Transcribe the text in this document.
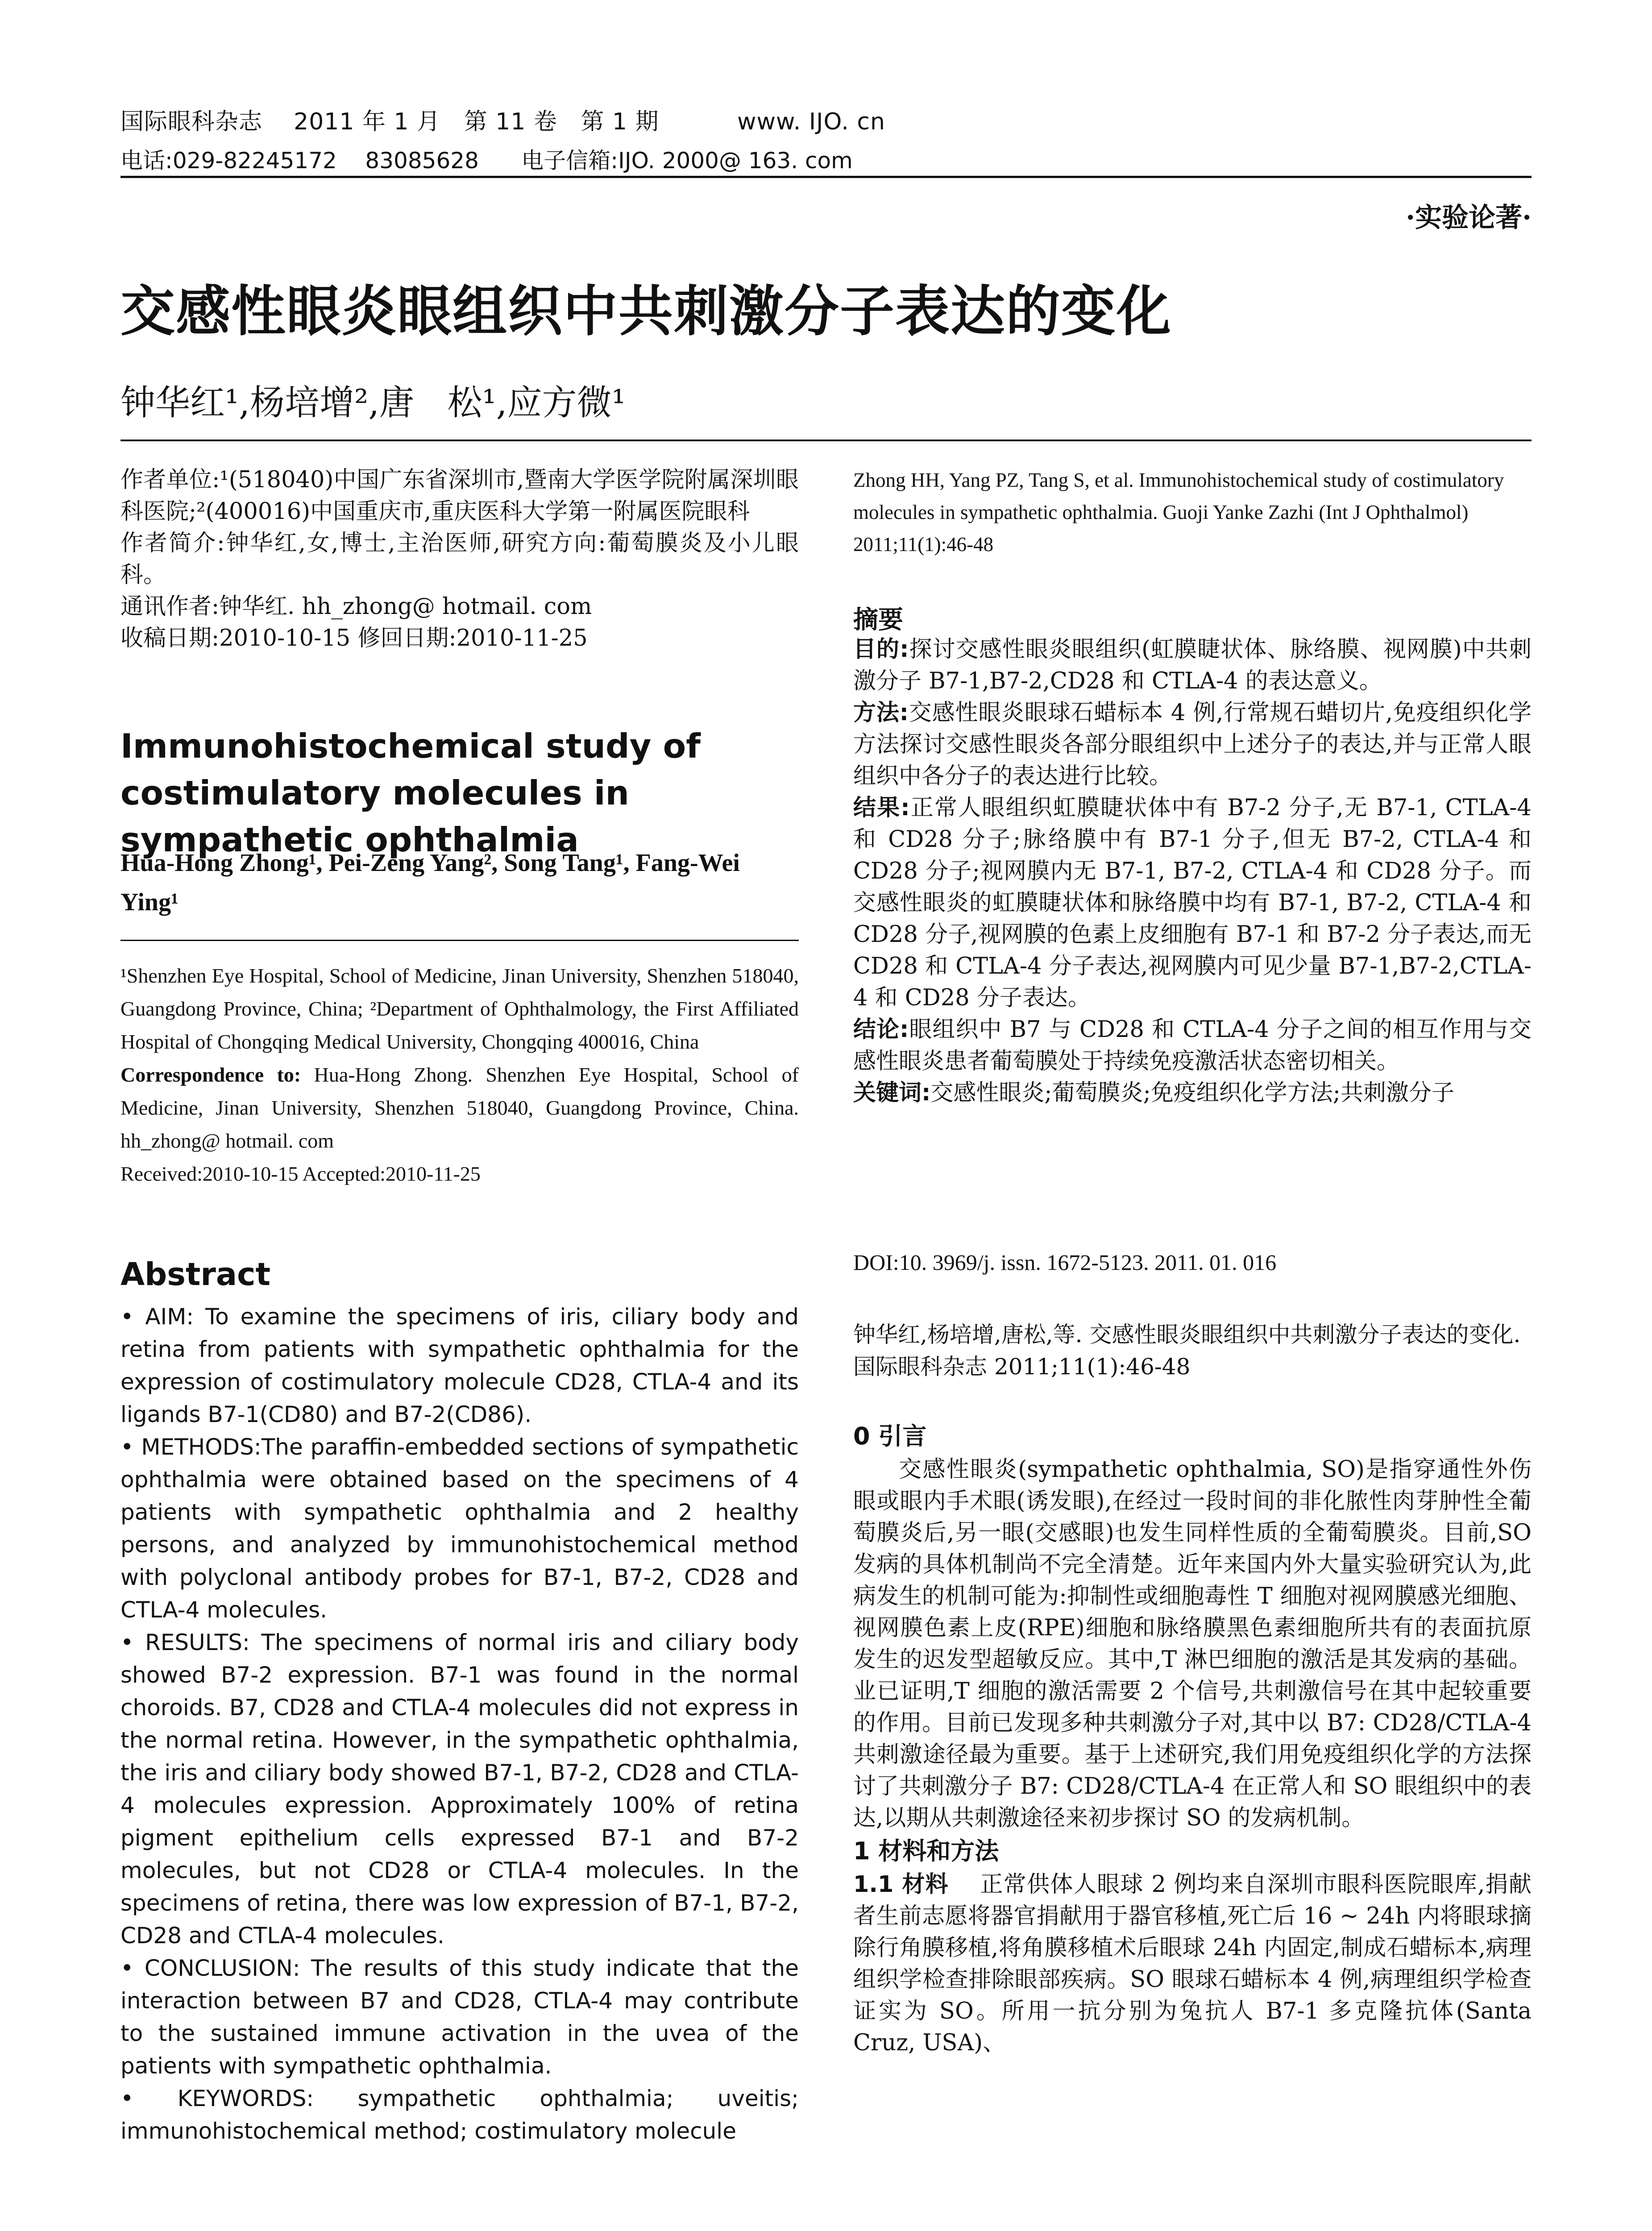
国际眼科杂志    2011 年 1 月   第 11 卷   第 1 期          www. IJO. cn
电话:029-82245172    83085628      电子信箱:IJO. 2000@ 163. com
·实验论著·
交感性眼炎眼组织中共刺激分子表达的变化
钟华红¹,杨培增²,唐   松¹,应方微¹

作者单位:¹(518040)中国广东省深圳市,暨南大学医学院附属深圳眼科医院;²(400016)中国重庆市,重庆医科大学第一附属医院眼科

作者简介:钟华红,女,博士,主治医师,研究方向:葡萄膜炎及小儿眼科。

通讯作者:钟华红. hh_zhong@ hotmail. com

收稿日期:2010-10-15 修回日期:2010-11-25

Immunohistochemical study of costimulatory molecules in sympathetic ophthalmia
Hua-Hong Zhong¹, Pei-Zeng Yang², Song Tang¹, Fang-Wei Ying¹
¹Shenzhen Eye Hospital, School of Medicine, Jinan University, Shenzhen 518040, Guangdong Province, China; ²Department of Ophthalmology, the First Affiliated Hospital of Chongqing Medical University, Chongqing 400016, China
Correspondence to: Hua-Hong Zhong. Shenzhen Eye Hospital, School of Medicine, Jinan University, Shenzhen 518040, Guangdong Province, China. hh_zhong@ hotmail. com
Received:2010-10-15 Accepted:2010-11-25
Abstract

• AIM: To examine the specimens of iris, ciliary body and retina from patients with sympathetic ophthalmia for the expression of costimulatory molecule CD28, CTLA-4 and its ligands B7-1(CD80) and B7-2(CD86).

• METHODS:The paraffin-embedded sections of sympathetic ophthalmia were obtained based on the specimens of 4 patients with sympathetic ophthalmia and 2 healthy persons, and analyzed by immunohistochemical method with polyclonal antibody probes for B7-1, B7-2, CD28 and CTLA-4 molecules.

• RESULTS: The specimens of normal iris and ciliary body showed B7-2 expression. B7-1 was found in the normal choroids. B7, CD28 and CTLA-4 molecules did not express in the normal retina. However, in the sympathetic ophthalmia, the iris and ciliary body showed B7-1, B7-2, CD28 and CTLA-4 molecules expression. Approximately 100% of retina pigment epithelium cells expressed B7-1 and B7-2 molecules, but not CD28 or CTLA-4 molecules. In the specimens of retina, there was low expression of B7-1, B7-2, CD28 and CTLA-4 molecules.

• CONCLUSION: The results of this study indicate that the interaction between B7 and CD28, CTLA-4 may contribute to the sustained immune activation in the uvea of the patients with sympathetic ophthalmia.

• KEYWORDS: sympathetic ophthalmia; uveitis; immunohistochemical method; costimulatory molecule

Zhong HH, Yang PZ, Tang S, et al. Immunohistochemical study of costimulatory molecules in sympathetic ophthalmia. Guoji Yanke Zazhi (Int J Ophthalmol) 2011;11(1):46-48
摘要

目的:探讨交感性眼炎眼组织(虹膜睫状体、脉络膜、视网膜)中共刺激分子 B7-1,B7-2,CD28 和 CTLA-4 的表达意义。

方法:交感性眼炎眼球石蜡标本 4 例,行常规石蜡切片,免疫组织化学方法探讨交感性眼炎各部分眼组织中上述分子的表达,并与正常人眼组织中各分子的表达进行比较。

结果:正常人眼组织虹膜睫状体中有 B7-2 分子,无 B7-1, CTLA-4 和 CD28 分子;脉络膜中有 B7-1 分子,但无 B7-2, CTLA-4 和 CD28 分子;视网膜内无 B7-1, B7-2, CTLA-4 和 CD28 分子。而交感性眼炎的虹膜睫状体和脉络膜中均有 B7-1, B7-2, CTLA-4 和 CD28 分子,视网膜的色素上皮细胞有 B7-1 和 B7-2 分子表达,而无 CD28 和 CTLA-4 分子表达,视网膜内可见少量 B7-1,B7-2,CTLA-4 和 CD28 分子表达。

结论:眼组织中 B7 与 CD28 和 CTLA-4 分子之间的相互作用与交感性眼炎患者葡萄膜处于持续免疫激活状态密切相关。

关键词:交感性眼炎;葡萄膜炎;免疫组织化学方法;共刺激分子

DOI:10. 3969/j. issn. 1672-5123. 2011. 01. 016
钟华红,杨培增,唐松,等. 交感性眼炎眼组织中共刺激分子表达的变化. 国际眼科杂志 2011;11(1):46-48
0 引言

交感性眼炎(sympathetic ophthalmia, SO)是指穿通性外伤眼或眼内手术眼(诱发眼),在经过一段时间的非化脓性肉芽肿性全葡萄膜炎后,另一眼(交感眼)也发生同样性质的全葡萄膜炎。目前,SO 发病的具体机制尚不完全清楚。近年来国内外大量实验研究认为,此病发生的机制可能为:抑制性或细胞毒性 T 细胞对视网膜感光细胞、视网膜色素上皮(RPE)细胞和脉络膜黑色素细胞所共有的表面抗原发生的迟发型超敏反应。其中,T 淋巴细胞的激活是其发病的基础。业已证明,T 细胞的激活需要 2 个信号,共刺激信号在其中起较重要的作用。目前已发现多种共刺激分子对,其中以 B7: CD28/CTLA-4 共刺激途径最为重要。基于上述研究,我们用免疫组织化学的方法探讨了共刺激分子 B7: CD28/CTLA-4 在正常人和 SO 眼组织中的表达,以期从共刺激途径来初步探讨 SO 的发病机制。

1 材料和方法

1.1 材料 正常供体人眼球 2 例均来自深圳市眼科医院眼库,捐献者生前志愿将器官捐献用于器官移植,死亡后 16 ~ 24h 内将眼球摘除行角膜移植,将角膜移植术后眼球 24h 内固定,制成石蜡标本,病理组织学检查排除眼部疾病。SO 眼球石蜡标本 4 例,病理组织学检查证实为 SO。所用一抗分别为兔抗人 B7-1 多克隆抗体(Santa Cruz, USA)、
